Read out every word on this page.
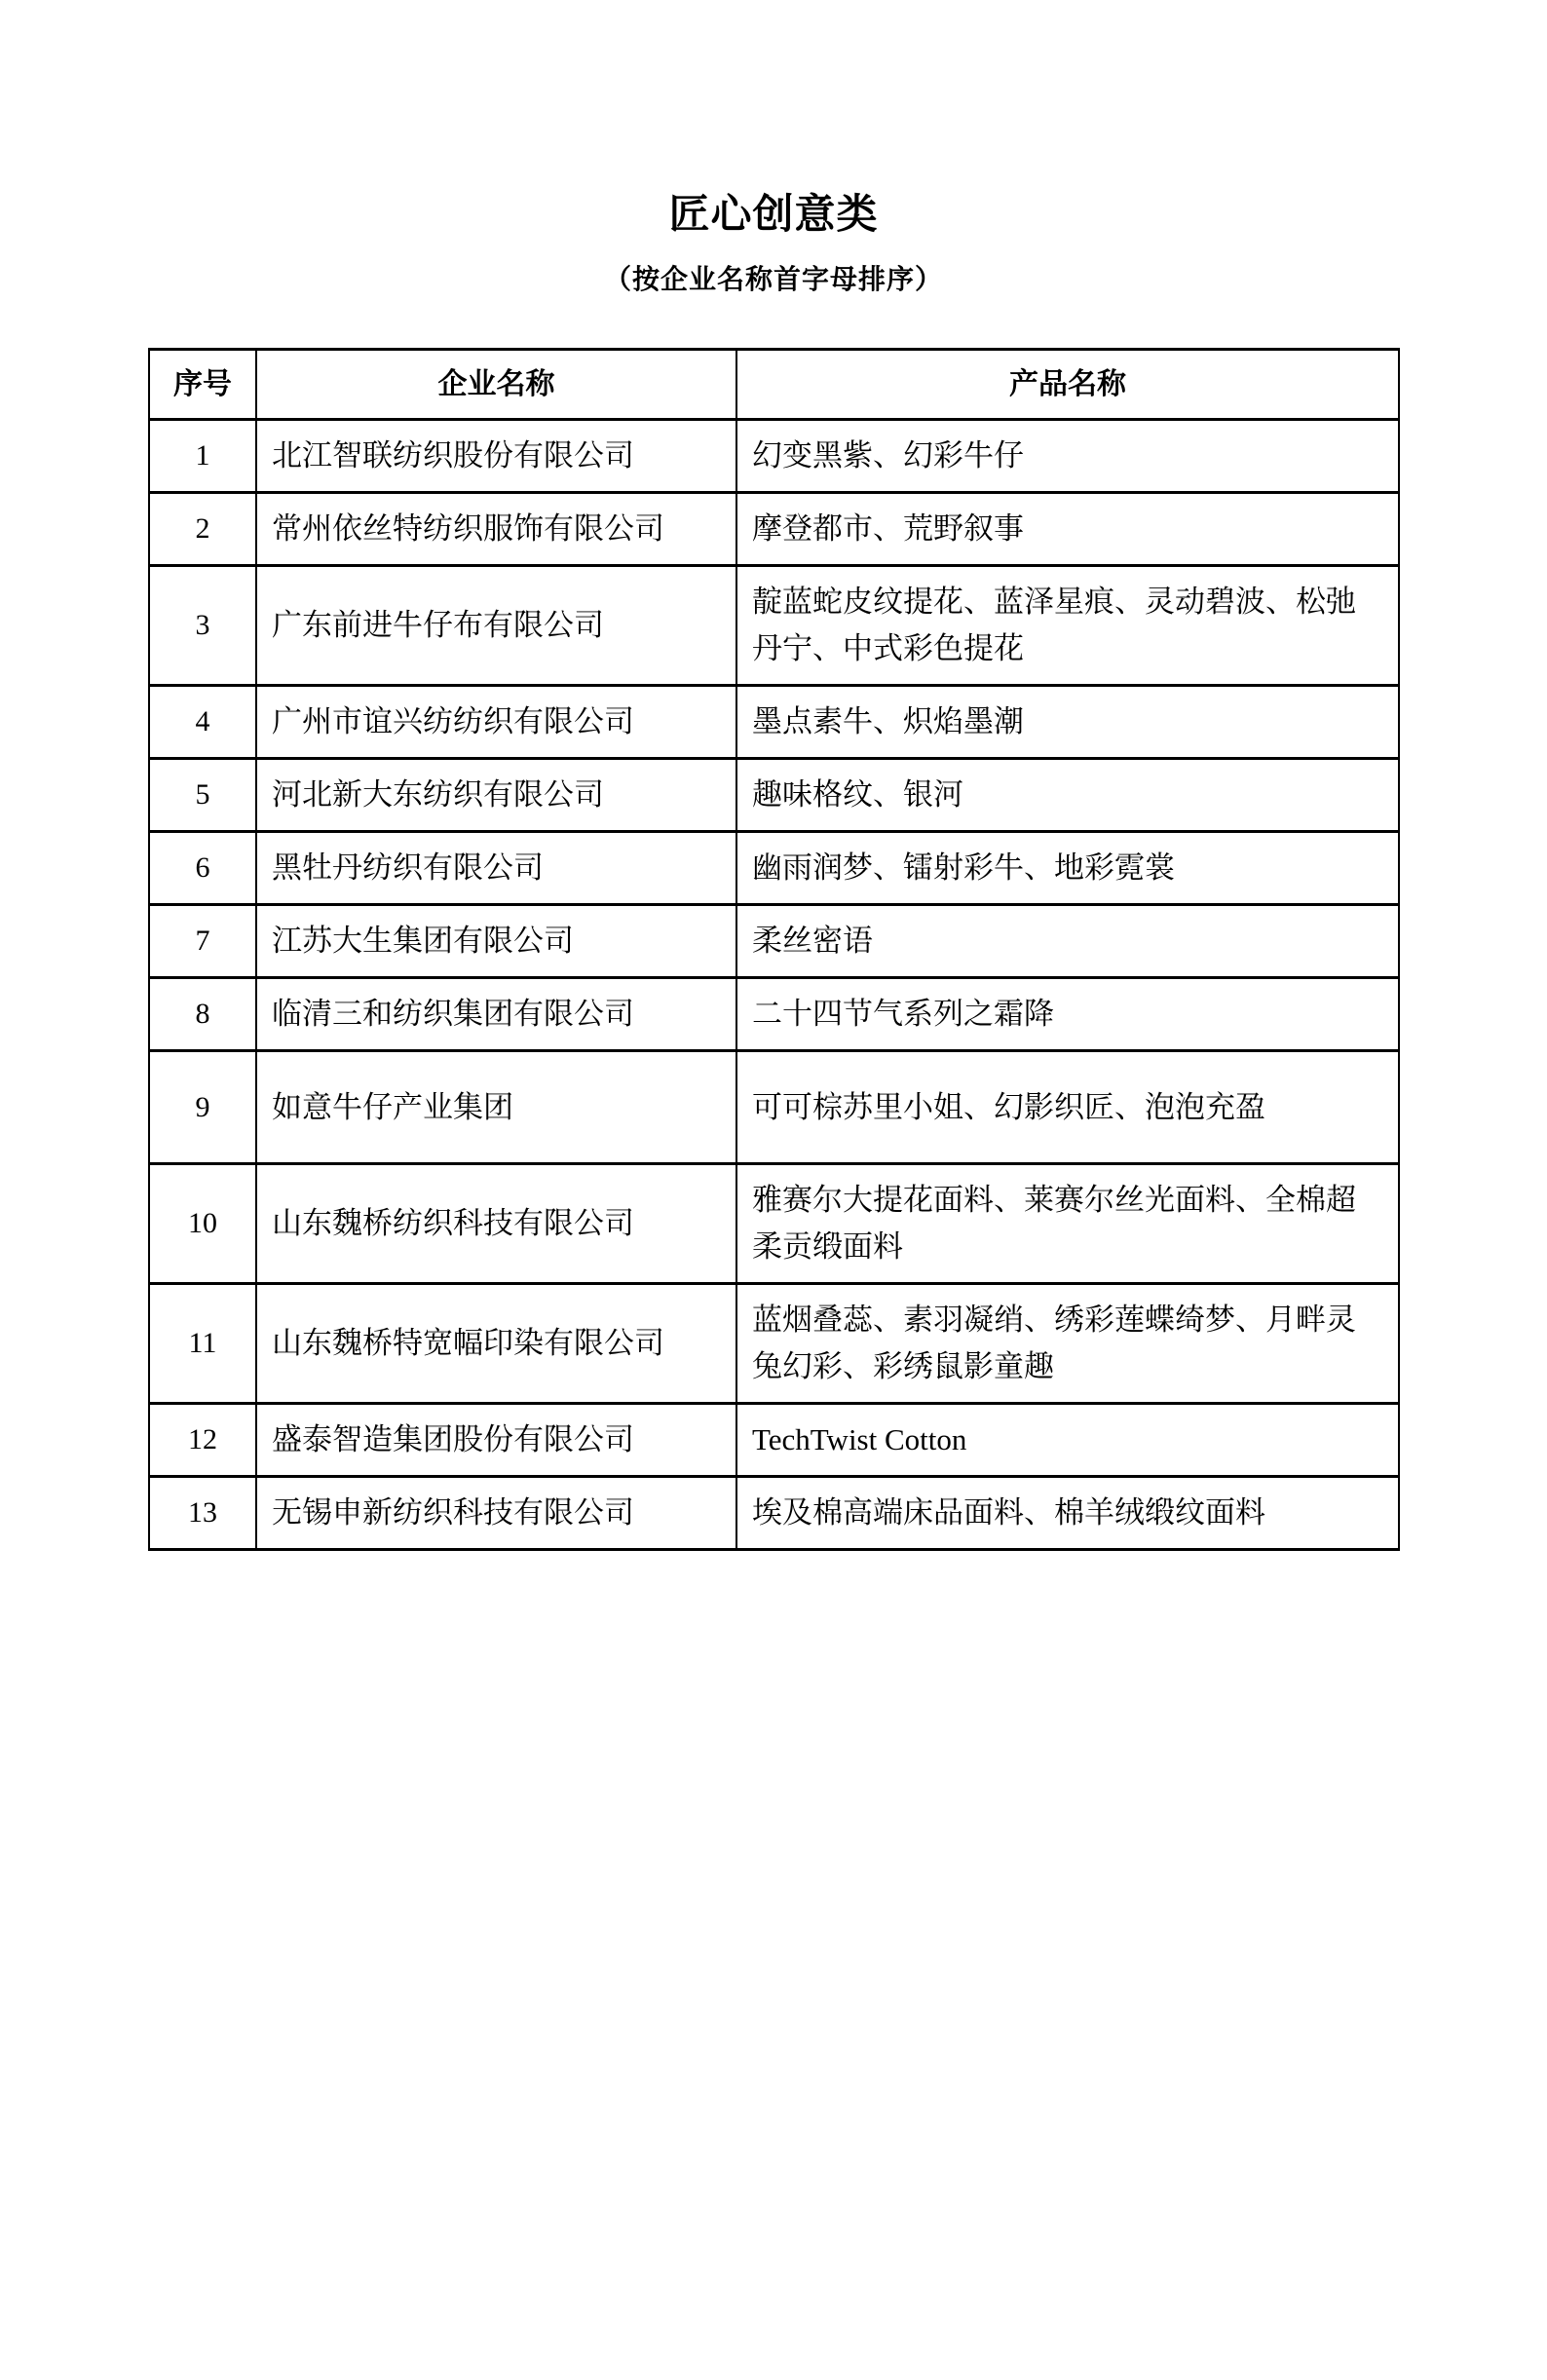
匠心创意类
（按企业名称首字母排序）
序号	企业名称	产品名称
1	北江智联纺织股份有限公司	幻变黑紫、幻彩牛仔
2	常州依丝特纺织服饰有限公司	摩登都市、荒野叙事
3	广东前进牛仔布有限公司	靛蓝蛇皮纹提花、蓝泽星痕、灵动碧波、松弛丹宁、中式彩色提花
4	广州市谊兴纺纺织有限公司	墨点素牛、炽焰墨潮
5	河北新大东纺织有限公司	趣味格纹、银河
6	黑牡丹纺织有限公司	幽雨润梦、镭射彩牛、地彩霓裳
7	江苏大生集团有限公司	柔丝密语
8	临清三和纺织集团有限公司	二十四节气系列之霜降
9	如意牛仔产业集团	可可棕苏里小姐、幻影织匠、泡泡充盈
10	山东魏桥纺织科技有限公司	雅赛尔大提花面料、莱赛尔丝光面料、全棉超柔贡缎面料
11	山东魏桥特宽幅印染有限公司	蓝烟叠蕊、素羽凝绡、绣彩莲蝶绮梦、月畔灵兔幻彩、彩绣鼠影童趣
12	盛泰智造集团股份有限公司	TechTwist Cotton
13	无锡申新纺织科技有限公司	埃及棉高端床品面料、棉羊绒缎纹面料
